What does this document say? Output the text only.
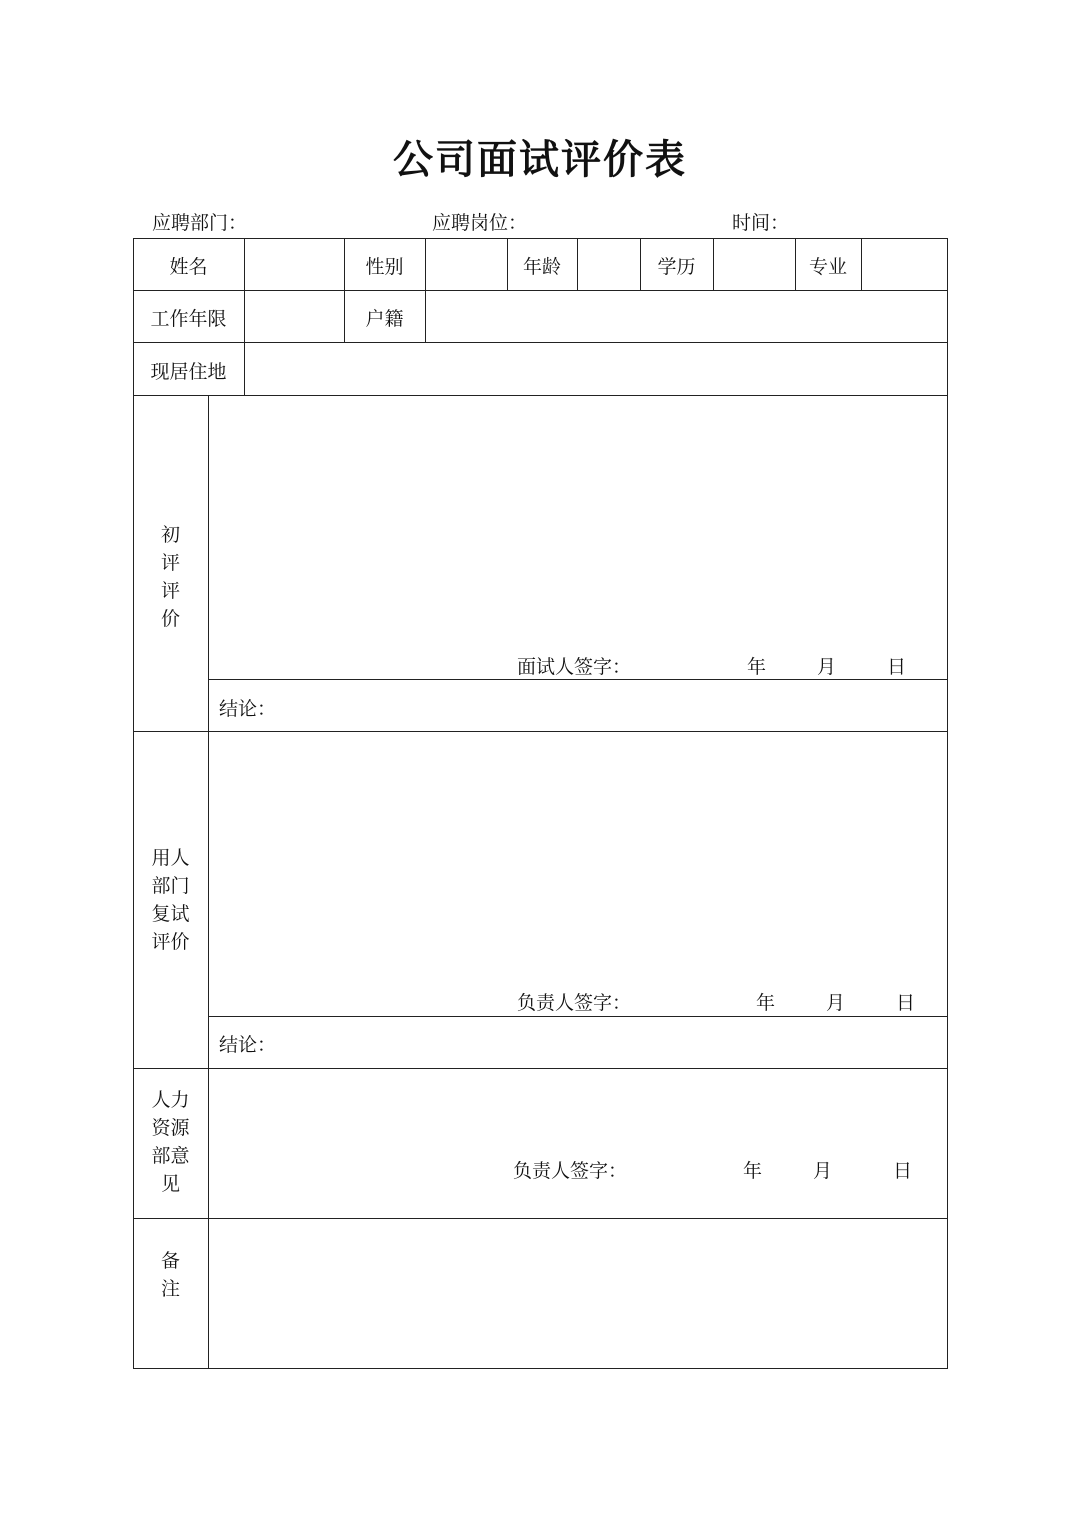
公司面试评价表
应聘部门：	应聘岗位：	时间：
姓名	性别	年龄	学历	专业
工作年限	户籍
现居住地
初
评
评
价
面试人签字：	年	月	日
结论：
用人
部门
复试
评价
负责人签字：	年	月	日
结论：
人力
资源
部意
见
负责人签字：	年	月	日
备
注
